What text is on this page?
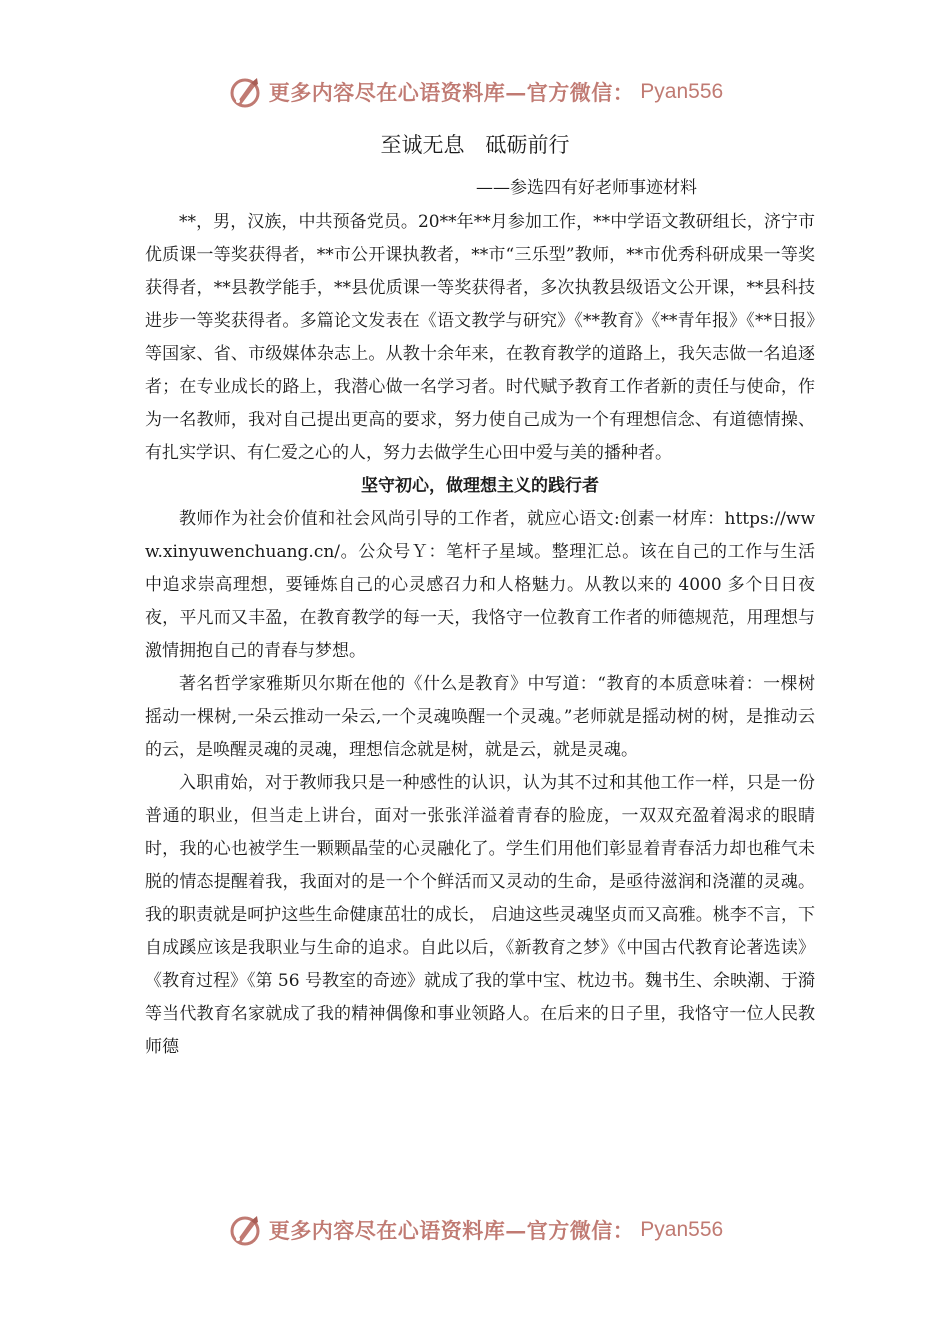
更多内容尽在心语资料库—官方微信： Pyan556
至诚无息　砥砺前行
——参选四有好老师事迹材料

**，男，汉族，中共预备党员。20**年**月参加工作，**中学语文教研组长，济宁市优质课一等奖获得者，**市公开课执教者，**市“三乐型”教师，**市优秀科研成果一等奖获得者，**县教学能手，**县优质课一等奖获得者，多次执教县级语文公开课，**县科技进步一等奖获得者。多篇论文发表在《语文教学与研究》《**教育》《**青年报》《**日报》等国家、省、市级媒体杂志上。从教十余年来，在教育教学的道路上，我矢志做一名追逐者；在专业成长的路上，我潜心做一名学习者。时代赋予教育工作者新的责任与使命，作为一名教师，我对自己提出更高的要求，努力使自己成为一个有理想信念、有道德情操、有扎实学识、有仁爱之心的人，努力去做学生心田中爱与美的播种者。

坚守初心，做理想主义的践行者

教师作为社会价值和社会风尚引导的工作者，就应心语文:创素一材库：https://www.xinyuwenchuang.cn/。公众号Ｙ：笔杆子星域。整理汇总。该在自己的工作与生活中追求崇高理想，要锤炼自己的心灵感召力和人格魅力。从教以来的 4000 多个日日夜夜，平凡而又丰盈，在教育教学的每一天，我恪守一位教育工作者的师德规范，用理想与激情拥抱自己的青春与梦想。

著名哲学家雅斯贝尔斯在他的《什么是教育》中写道：“教育的本质意味着：一棵树摇动一棵树,一朵云推动一朵云,一个灵魂唤醒一个灵魂。”老师就是摇动树的树，是推动云的云，是唤醒灵魂的灵魂，理想信念就是树，就是云，就是灵魂。

入职甫始，对于教师我只是一种感性的认识，认为其不过和其他工作一样，只是一份普通的职业，但当走上讲台，面对一张张洋溢着青春的脸庞，一双双充盈着渴求的眼睛时，我的心也被学生一颗颗晶莹的心灵融化了。学生们用他们彰显着青春活力却也稚气未脱的情态提醒着我，我面对的是一个个鲜活而又灵动的生命，是亟待滋润和浇灌的灵魂。我的职责就是呵护这些生命健康茁壮的成长， 启迪这些灵魂坚贞而又高雅。桃李不言，下自成蹊应该是我职业与生命的追求。自此以后，《新教育之梦》《中国古代教育论著选读》《教育过程》《第 56 号教室的奇迹》就成了我的掌中宝、枕边书。魏书生、余映潮、于漪等当代教育名家就成了我的精神偶像和事业领路人。在后来的日子里，我恪守一位人民教师德

更多内容尽在心语资料库—官方微信： Pyan556
